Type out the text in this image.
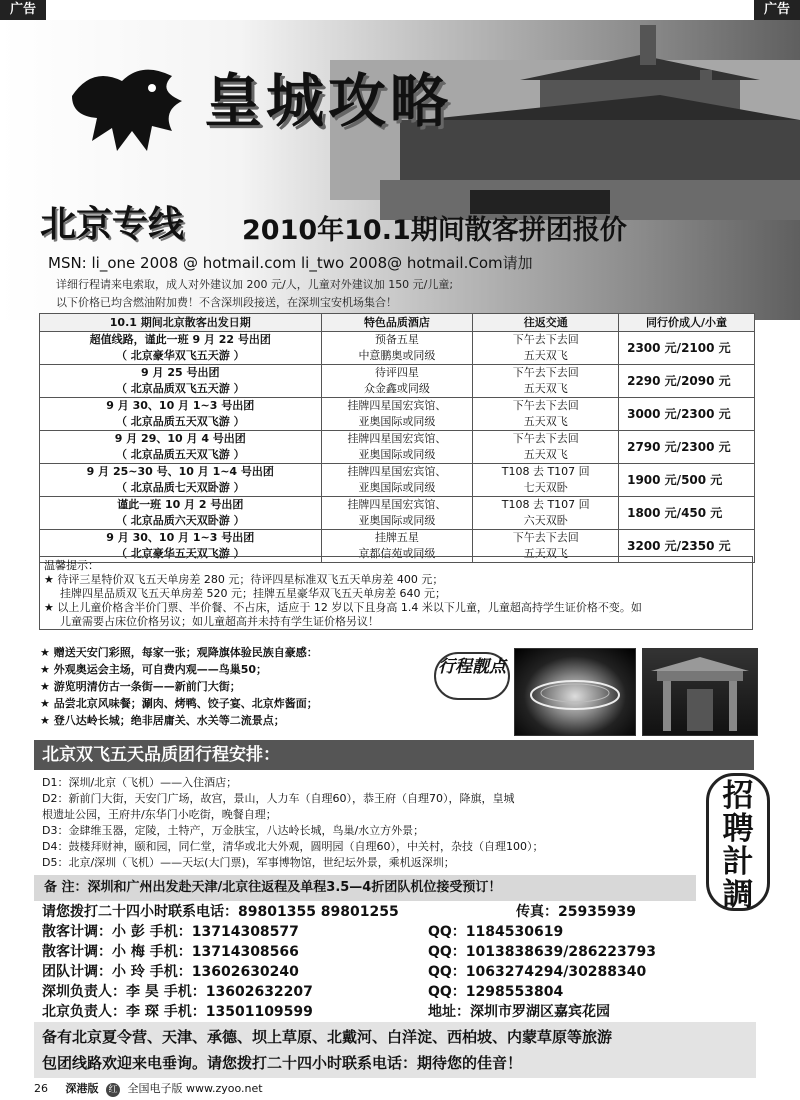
广告	广告
皇城攻略
北京专线 2010年10.1期间散客拼团报价
MSN: li_one 2008 @ hotmail.com li_two 2008@ hotmail.Com请加
详细行程请来电索取，成人对外建议加 200 元/人，儿童对外建议加 150 元/儿童;
以下价格已均含燃油附加费！不含深圳段接送，在深圳宝安机场集合！
10.1 期间北京散客出发日期	特色品质酒店	往返交通	同行价成人/小童
超值线路，谨此一班 9 月 22 号出团	预备五星	下午去下去回	2300 元/2100 元
（ 北京豪华双飞五天游 ）	中意鹏奥或同级	五天双飞	
9 月 25 号出团	待评四星	下午去下去回	2290 元/2090 元
（ 北京品质双飞五天游 ）	众金鑫或同级	五天双飞	
9 月 30、10 月 1~3 号出团	挂牌四星国宏宾馆、	下午去下去回	3000 元/2300 元
（ 北京品质五天双飞游 ）	亚奥国际或同级	五天双飞	
9 月 29、10 月 4 号出团	挂牌四星国宏宾馆、	下午去下去回	2790 元/2300 元
（ 北京品质五天双飞游 ）	亚奥国际或同级	五天双飞	
9 月 25~30 号、10 月 1~4 号出团	挂牌四星国宏宾馆、	T108 去 T107 回	1900 元/500 元
（ 北京品质七天双卧游 ）	亚奥国际或同级	七天双卧	
谨此一班 10 月 2 号出团	挂牌四星国宏宾馆、	T108 去 T107 回	1800 元/450 元
（ 北京品质六天双卧游 ）	亚奥国际或同级	六天双卧	
9 月 30、10 月 1~3 号出团	挂牌五星	下午去下去回	3200 元/2350 元
（ 北京豪华五天双飞游 ）	京都信苑或同级	五天双飞	
温馨提示：
★ 待评三星特价双飞五天单房差 280 元；待评四星标准双飞五天单房差 400 元；
挂牌四星品质双飞五天单房差 520 元；挂牌五星豪华双飞五天单房差 640 元；
★ 以上儿童价格含半价门票、半价餐、不占床，适应于 12 岁以下且身高 1.4 米以下儿童，儿童超高持学生证价格不变。如
儿童需要占床位价格另议；如儿童超高并未持有学生证价格另议！
★ 赠送天安门彩照，每家一张；观降旗体验民族自豪感：
★ 外观奥运会主场，可自费内观——鸟巢50；
★ 游览明清仿古一条街——新前门大街；
★ 品尝北京风味餐；涮肉、烤鸭、饺子宴、北京炸酱面；
★ 登八达岭长城；绝非居庸关、水关等二流景点；
行程靓点
北京双飞五天品质团行程安排：
D1：深圳/北京（飞机）——入住酒店；
D2：新前门大街，天安门广场，故宫，景山，人力车（自理60），恭王府（自理70），降旗，皇城
根遗址公园，王府井/东华门小吃街，晚餐自理；
D3：金肆维玉器，定陵，土特产，万金肤宝，八达岭长城，鸟巢/水立方外景；
D4：鼓楼拜财神，颐和园，同仁堂，清华或北大外观，圆明园（自理60），中关村，杂技（自理100）；
D5：北京/深圳（飞机）——天坛(大门票)，军事博物馆，世纪坛外景，乘机返深圳；
招聘計調
备 注：深圳和广州出发赴天津/北京往返程及单程3.5—4折团队机位接受预订！
请您拨打二十四小时联系电话：89801355 89801255	传真：25935939
散客计调：小 彭 手机：13714308577	QQ：1184530619
散客计调：小 梅 手机：13714308566	QQ：1013838639/286223793
团队计调：小 玲 手机：13602630240	QQ：1063274294/30288340
深圳负责人：李 昊 手机：13602632207	QQ：1298553804
北京负责人：李 琛 手机：13501109599	地址：深圳市罗湖区嘉宾花园
备有北京夏令营、天津、承德、坝上草原、北戴河、白洋淀、西柏坡、内蒙草原等旅游
包团线路欢迎来电垂询。请您拨打二十四小时联系电话：期待您的佳音！
26 深港版 红 全国电子版 www.zyoo.net
